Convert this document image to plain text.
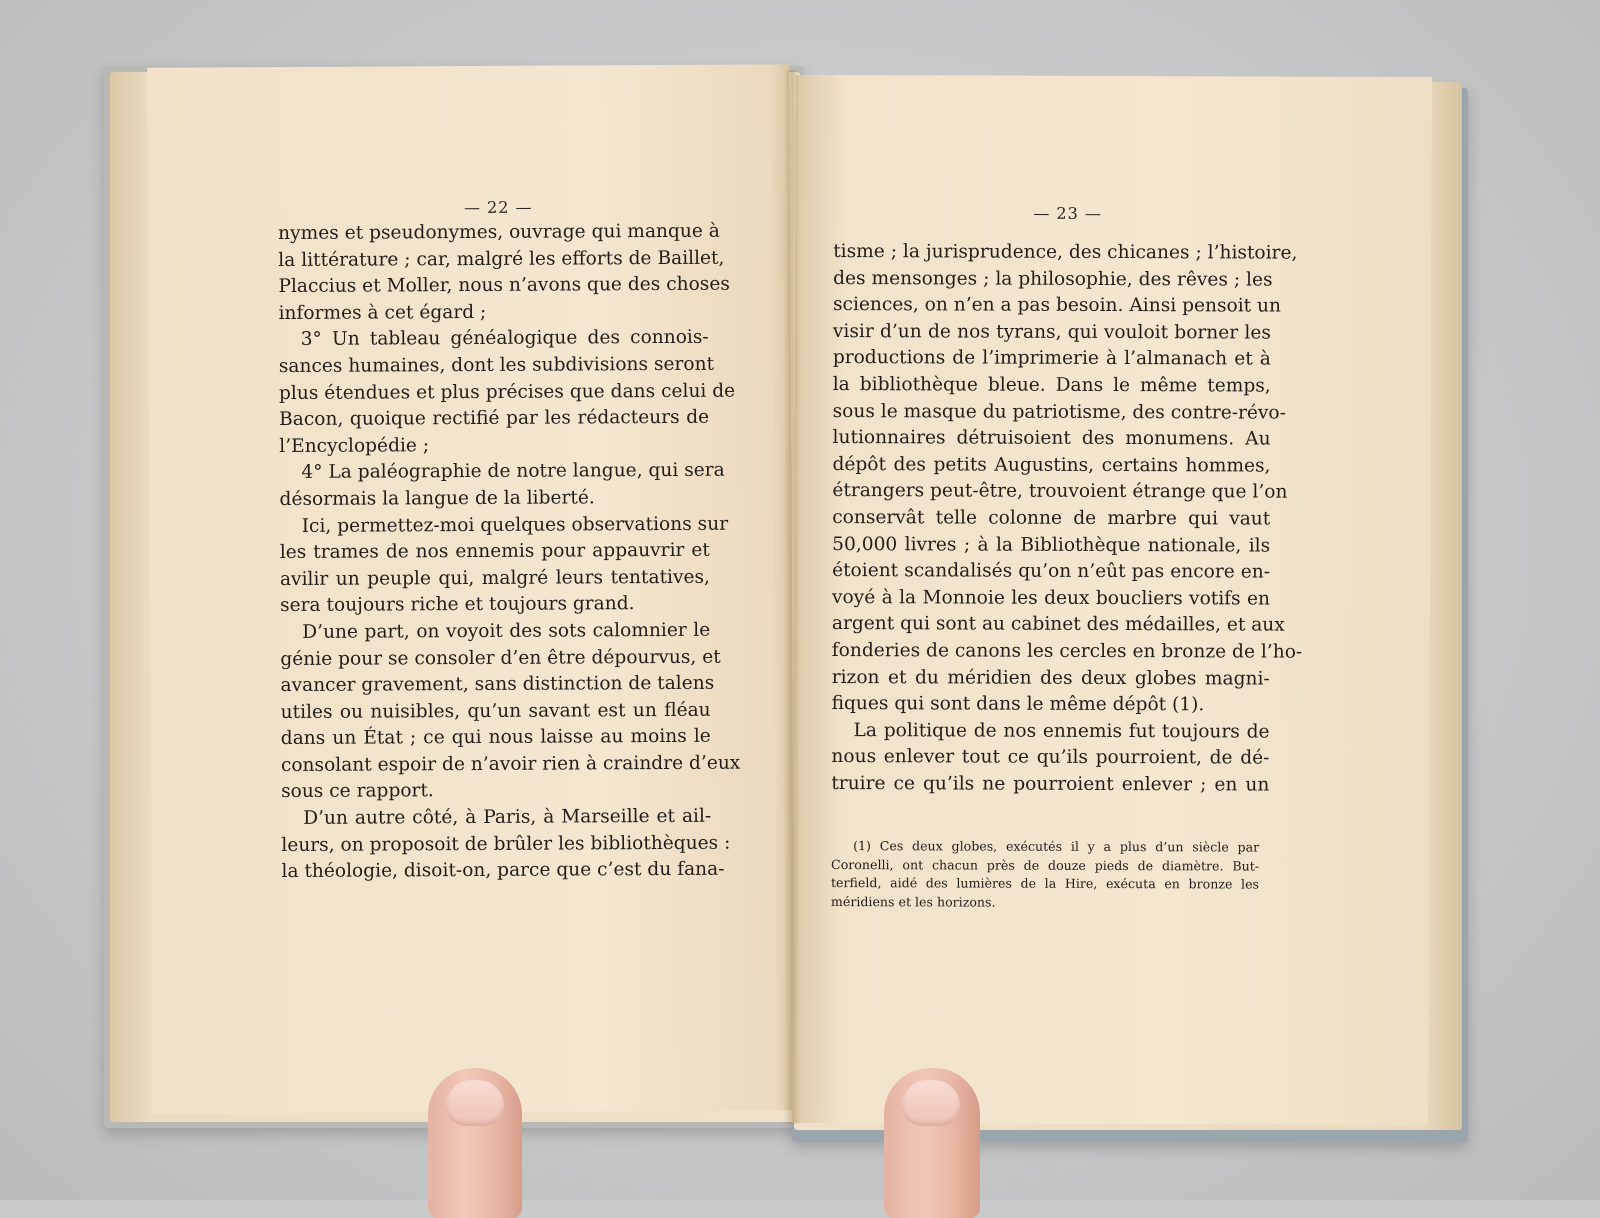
— 22 —
nymes et pseudonymes, ouvrage qui manque à
la littérature ; car, malgré les efforts de Baillet,
Placcius et Moller, nous n’avons que des choses
informes à cet égard ;
3° Un tableau généalogique des connois-
sances humaines, dont les subdivisions seront
plus étendues et plus précises que dans celui de
Bacon, quoique rectifié par les rédacteurs de
l’Encyclopédie ;
4° La paléographie de notre langue, qui sera
désormais la langue de la liberté.
Ici, permettez-moi quelques observations sur
les trames de nos ennemis pour appauvrir et
avilir un peuple qui, malgré leurs tentatives,
sera toujours riche et toujours grand.
D’une part, on voyoit des sots calomnier le
génie pour se consoler d’en être dépourvus, et
avancer gravement, sans distinction de talens
utiles ou nuisibles, qu’un savant est un fléau
dans un État ; ce qui nous laisse au moins le
consolant espoir de n’avoir rien à craindre d’eux
sous ce rapport.
D’un autre côté, à Paris, à Marseille et ail-
leurs, on proposoit de brûler les bibliothèques :
la théologie, disoit-on, parce que c’est du fana-
— 23 —
tisme ; la jurisprudence, des chicanes ; l’histoire,
des mensonges ; la philosophie, des rêves ; les
sciences, on n’en a pas besoin. Ainsi pensoit un
visir d’un de nos tyrans, qui vouloit borner les
productions de l’imprimerie à l’almanach et à
la bibliothèque bleue. Dans le même temps,
sous le masque du patriotisme, des contre-révo-
lutionnaires détruisoient des monumens. Au
dépôt des petits Augustins, certains hommes,
étrangers peut-être, trouvoient étrange que l’on
conservât telle colonne de marbre qui vaut
50,000 livres ; à la Bibliothèque nationale, ils
étoient scandalisés qu’on n’eût pas encore en-
voyé à la Monnoie les deux boucliers votifs en
argent qui sont au cabinet des médailles, et aux
fonderies de canons les cercles en bronze de l’ho-
rizon et du méridien des deux globes magni-
fiques qui sont dans le même dépôt (1).
La politique de nos ennemis fut toujours de
nous enlever tout ce qu’ils pourroient, de dé-
truire ce qu’ils ne pourroient enlever ; en un
(1) Ces deux globes, exécutés il y a plus d’un siècle par
Coronelli, ont chacun près de douze pieds de diamètre. But-
terfield, aidé des lumières de la Hire, exécuta en bronze les
méridiens et les horizons.
